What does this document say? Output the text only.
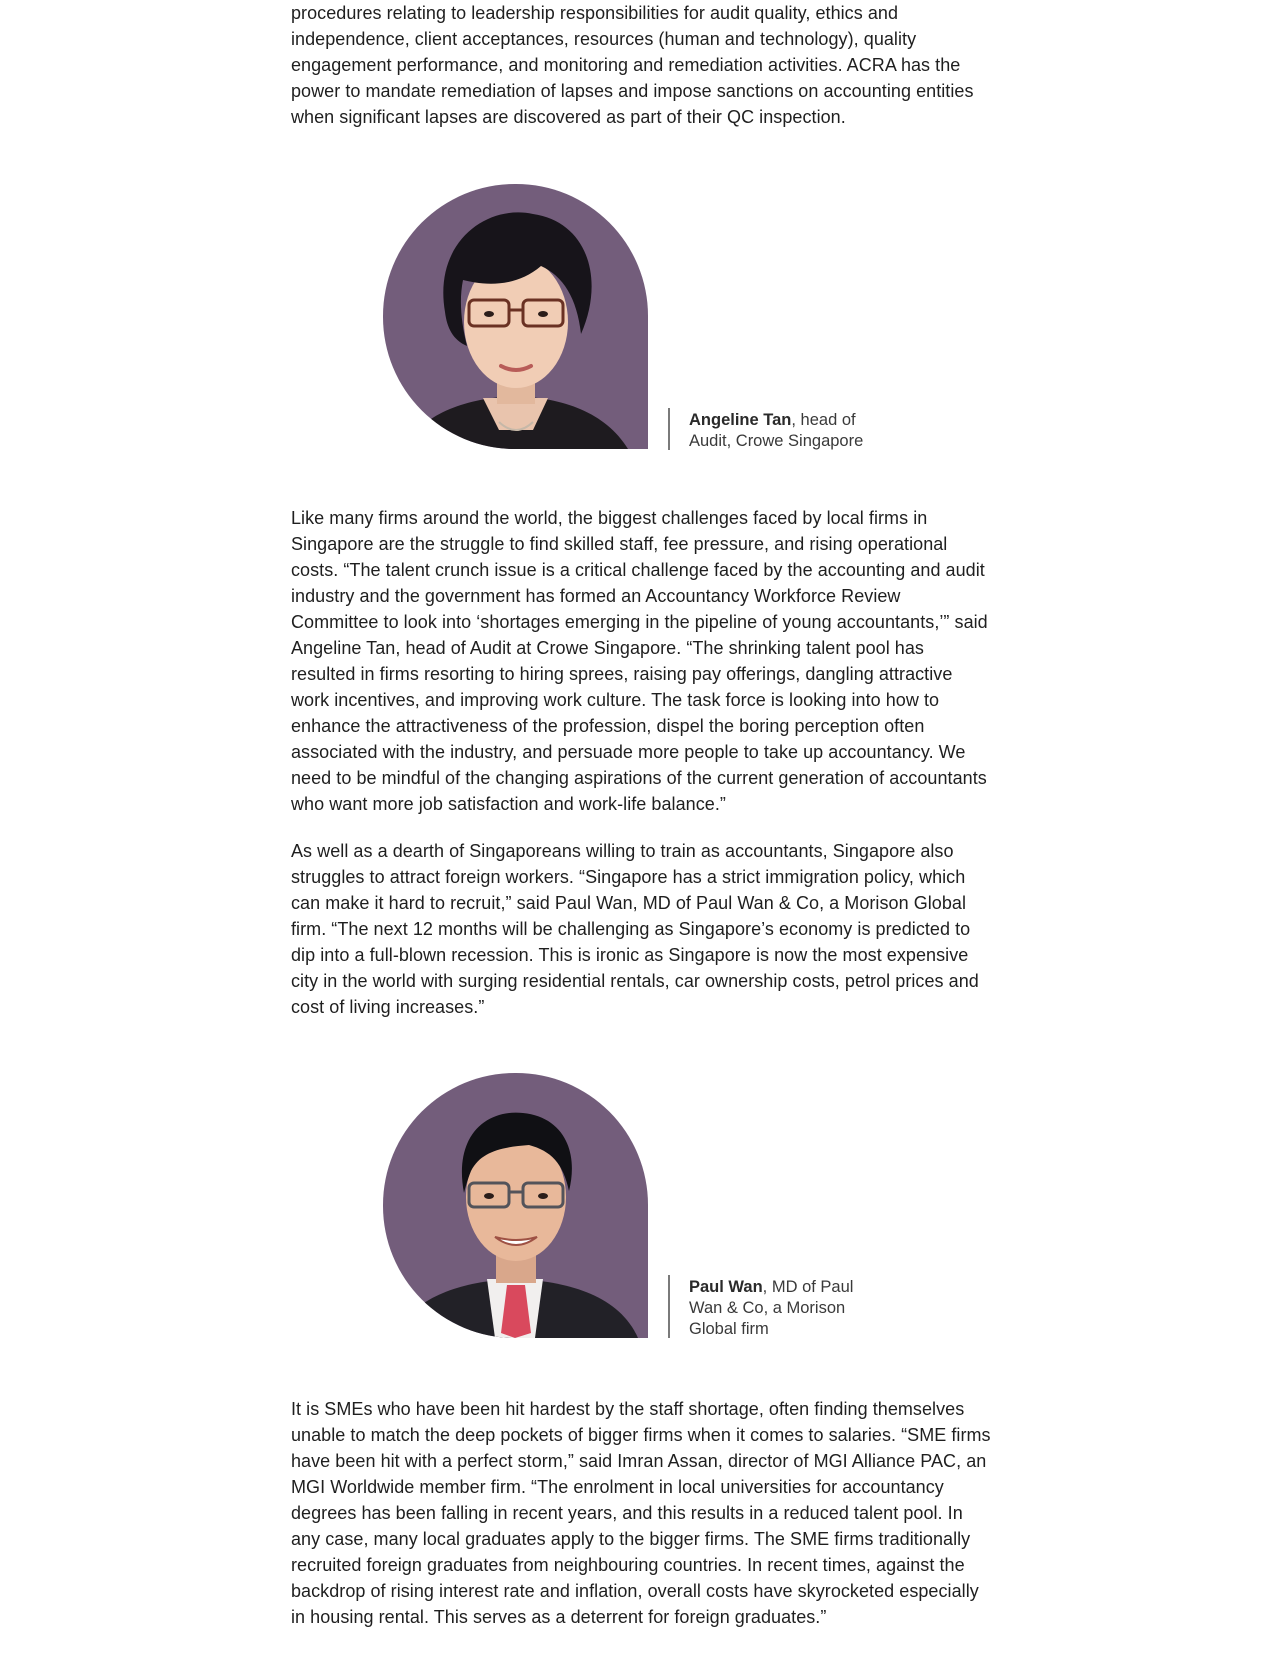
procedures relating to leadership responsibilities for audit quality, ethics and independence, client acceptances, resources (human and technology), quality engagement performance, and monitoring and remediation activities. ACRA has the power to mandate remediation of lapses and impose sanctions on accounting entities when significant lapses are discovered as part of their QC inspection.

Angeline Tan, head of Audit, Crowe Singapore

Like many firms around the world, the biggest challenges faced by local firms in Singapore are the struggle to find skilled staff, fee pressure, and rising operational costs. “The talent crunch issue is a critical challenge faced by the accounting and audit industry and the government has formed an Accountancy Workforce Review Committee to look into ‘shortages emerging in the pipeline of young accountants,’” said Angeline Tan, head of Audit at Crowe Singapore. “The shrinking talent pool has resulted in firms resorting to hiring sprees, raising pay offerings, dangling attractive work incentives, and improving work culture. The task force is looking into how to enhance the attractiveness of the profession, dispel the boring perception often associated with the industry, and persuade more people to take up accountancy. We need to be mindful of the changing aspirations of the current generation of accountants who want more job satisfaction and work-life balance.”

As well as a dearth of Singaporeans willing to train as accountants, Singapore also struggles to attract foreign workers. “Singapore has a strict immigration policy, which can make it hard to recruit,” said Paul Wan, MD of Paul Wan & Co, a Morison Global firm. “The next 12 months will be challenging as Singapore’s economy is predicted to dip into a full-blown recession. This is ironic as Singapore is now the most expensive city in the world with surging residential rentals, car ownership costs, petrol prices and cost of living increases.”

Paul Wan, MD of Paul Wan & Co, a Morison Global firm

It is SMEs who have been hit hardest by the staff shortage, often finding themselves unable to match the deep pockets of bigger firms when it comes to salaries. “SME firms have been hit with a perfect storm,” said Imran Assan, director of MGI Alliance PAC, an MGI Worldwide member firm. “The enrolment in local universities for accountancy degrees has been falling in recent years, and this results in a reduced talent pool. In any case, many local graduates apply to the bigger firms. The SME firms traditionally recruited foreign graduates from neighbouring countries. In recent times, against the backdrop of rising interest rate and inflation, overall costs have skyrocketed especially in housing rental. This serves as a deterrent for foreign graduates.”
